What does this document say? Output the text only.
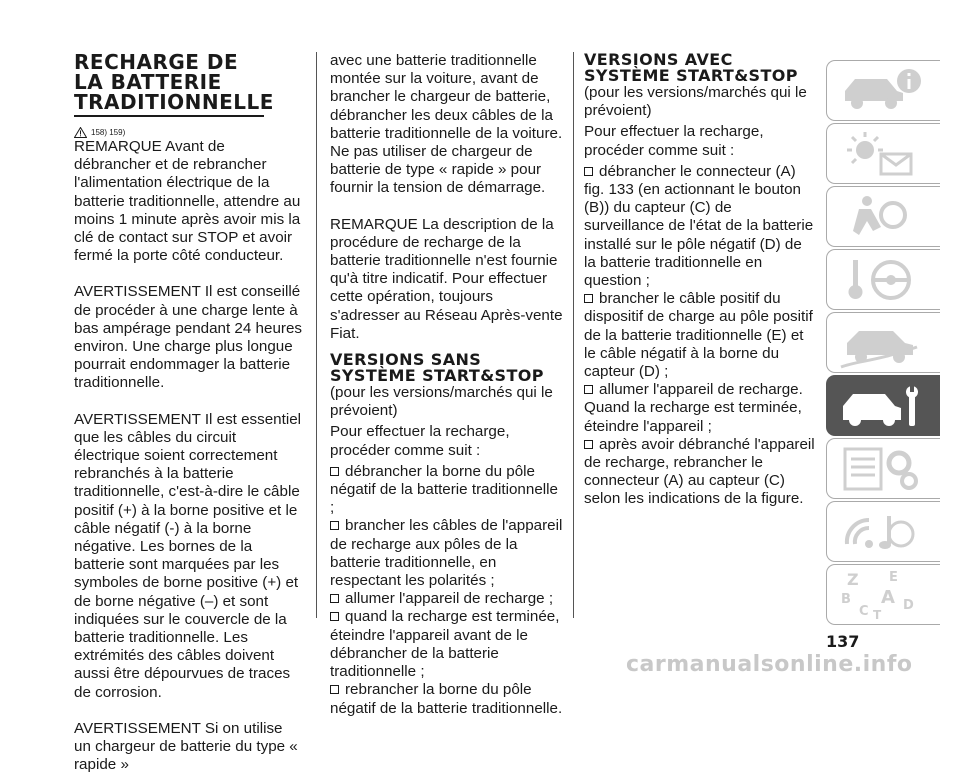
RECHARGE DE
LA BATTERIE
TRADITIONNELLE
158) 159)

REMARQUE Avant de débrancher et de rebrancher l'alimentation électrique de la batterie traditionnelle, attendre au moins 1 minute après avoir mis la clé de contact sur STOP et avoir fermé la porte côté conducteur.

AVERTISSEMENT Il est conseillé de procéder à une charge lente à bas ampérage pendant 24 heures environ. Une charge plus longue pourrait endommager la batterie traditionnelle.

AVERTISSEMENT Il est essentiel que les câbles du circuit électrique soient correctement rebranchés à la batterie traditionnelle, c'est-à-dire le câble positif (+) à la borne positive et le câble négatif (-) à la borne négative. Les bornes de la batterie sont marquées par les symboles de borne positive (+) et de borne négative (–) et sont indiquées sur le couvercle de la batterie traditionnelle. Les extrémités des câbles doivent aussi être dépourvues de traces de corrosion.

AVERTISSEMENT Si on utilise un chargeur de batterie du type « rapide »

avec une batterie traditionnelle montée sur la voiture, avant de brancher le chargeur de batterie, débrancher les deux câbles de la batterie traditionnelle de la voiture. Ne pas utiliser de chargeur de batterie de type « rapide » pour fournir la tension de démarrage.

REMARQUE La description de la procédure de recharge de la batterie traditionnelle n'est fournie qu'à titre indicatif. Pour effectuer cette opération, toujours s'adresser au Réseau Après-vente Fiat.

VERSIONS SANS
SYSTÈME START&STOP

(pour les versions/marchés qui le prévoient)

Pour effectuer la recharge, procéder comme suit :

débrancher la borne du pôle négatif de la batterie traditionnelle ;
brancher les câbles de l'appareil de recharge aux pôles de la batterie traditionnelle, en respectant les polarités ;
allumer l'appareil de recharge ;
quand la recharge est terminée, éteindre l'appareil avant de le débrancher de la batterie traditionnelle ;
rebrancher la borne du pôle négatif de la batterie traditionnelle.
VERSIONS AVEC
SYSTÈME START&STOP

(pour les versions/marchés qui le prévoient)

Pour effectuer la recharge, procéder comme suit :

débrancher le connecteur (A) fig. 133 (en actionnant le bouton (B)) du capteur (C) de surveillance de l'état de la batterie installé sur le pôle négatif (D) de la batterie traditionnelle en question ;
brancher le câble positif du dispositif de charge au pôle positif de la batterie traditionnelle (E) et le câble négatif à la borne du capteur (D) ;
allumer l'appareil de recharge. Quand la recharge est terminée, éteindre l'appareil ;
après avoir débranché l'appareil de recharge, rebrancher le connecteur (A) au capteur (C) selon les indications de la figure.
Z E
B A
C T
D
137
carmanualsonline.info
